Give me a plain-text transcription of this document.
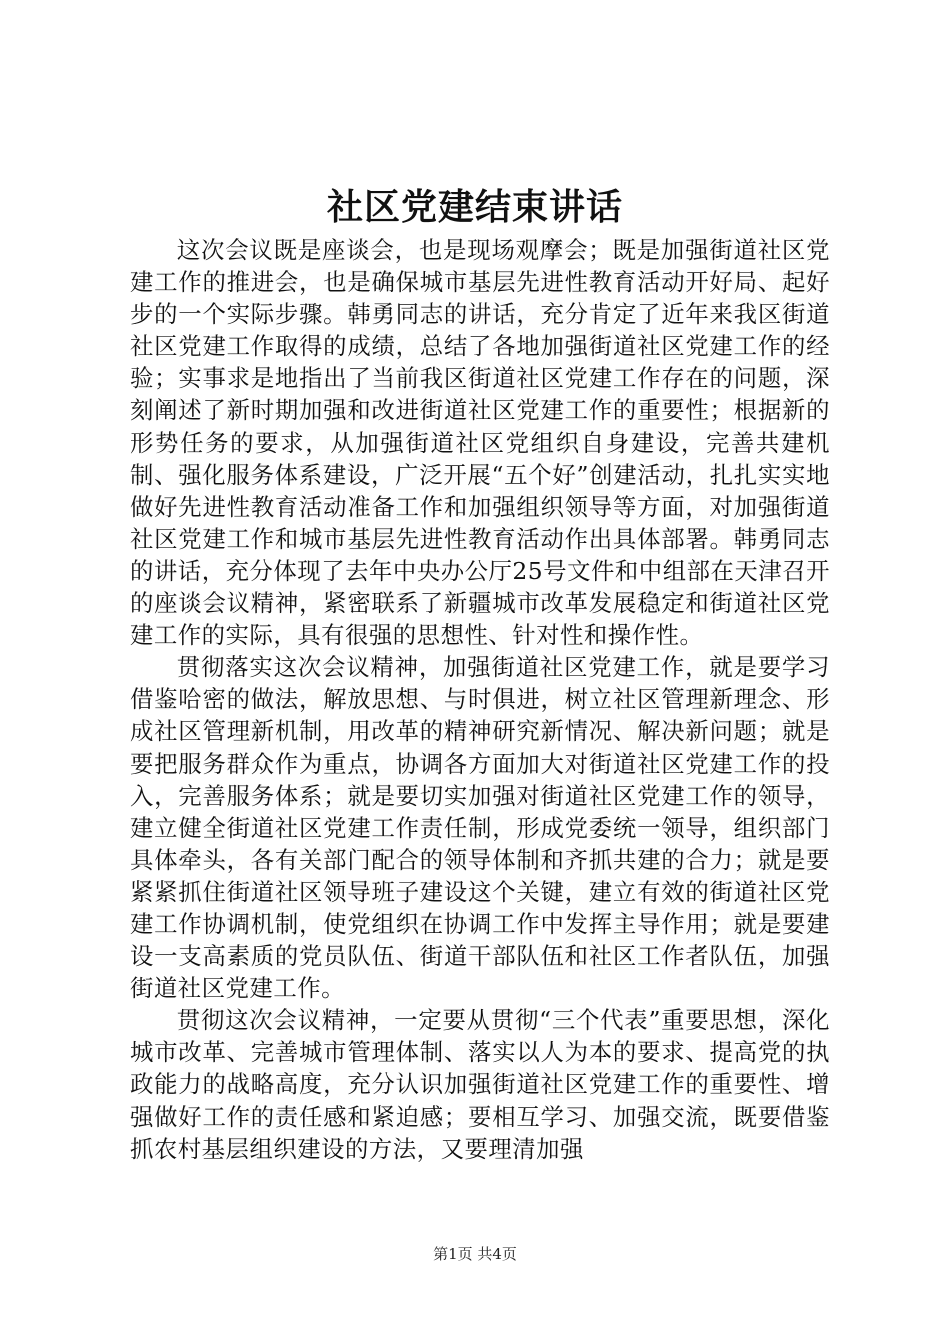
社区党建结束讲话

这次会议既是座谈会，也是现场观摩会；既是加强街道社区党建工作的推进会，也是确保城市基层先进性教育活动开好局、起好步的一个实际步骤。韩勇同志的讲话，充分肯定了近年来我区街道社区党建工作取得的成绩，总结了各地加强街道社区党建工作的经验；实事求是地指出了当前我区街道社区党建工作存在的问题，深刻阐述了新时期加强和改进街道社区党建工作的重要性；根据新的形势任务的要求，从加强街道社区党组织自身建设，完善共建机制、强化服务体系建设，广泛开展“五个好”创建活动，扎扎实实地做好先进性教育活动准备工作和加强组织领导等方面，对加强街道社区党建工作和城市基层先进性教育活动作出具体部署。韩勇同志的讲话，充分体现了去年中央办公厅25号文件和中组部在天津召开的座谈会议精神，紧密联系了新疆城市改革发展稳定和街道社区党建工作的实际，具有很强的思想性、针对性和操作性。

贯彻落实这次会议精神，加强街道社区党建工作，就是要学习借鉴哈密的做法，解放思想、与时俱进，树立社区管理新理念、形成社区管理新机制，用改革的精神研究新情况、解决新问题；就是要把服务群众作为重点，协调各方面加大对街道社区党建工作的投入，完善服务体系；就是要切实加强对街道社区党建工作的领导，建立健全街道社区党建工作责任制，形成党委统一领导，组织部门具体牵头，各有关部门配合的领导体制和齐抓共建的合力；就是要紧紧抓住街道社区领导班子建设这个关键，建立有效的街道社区党建工作协调机制，使党组织在协调工作中发挥主导作用；就是要建设一支高素质的党员队伍、街道干部队伍和社区工作者队伍，加强街道社区党建工作。

贯彻这次会议精神，一定要从贯彻“三个代表”重要思想，深化城市改革、完善城市管理体制、落实以人为本的要求、提高党的执政能力的战略高度，充分认识加强街道社区党建工作的重要性、增强做好工作的责任感和紧迫感；要相互学习、加强交流，既要借鉴抓农村基层组织建设的方法，又要理清加强

第1页 共4页
